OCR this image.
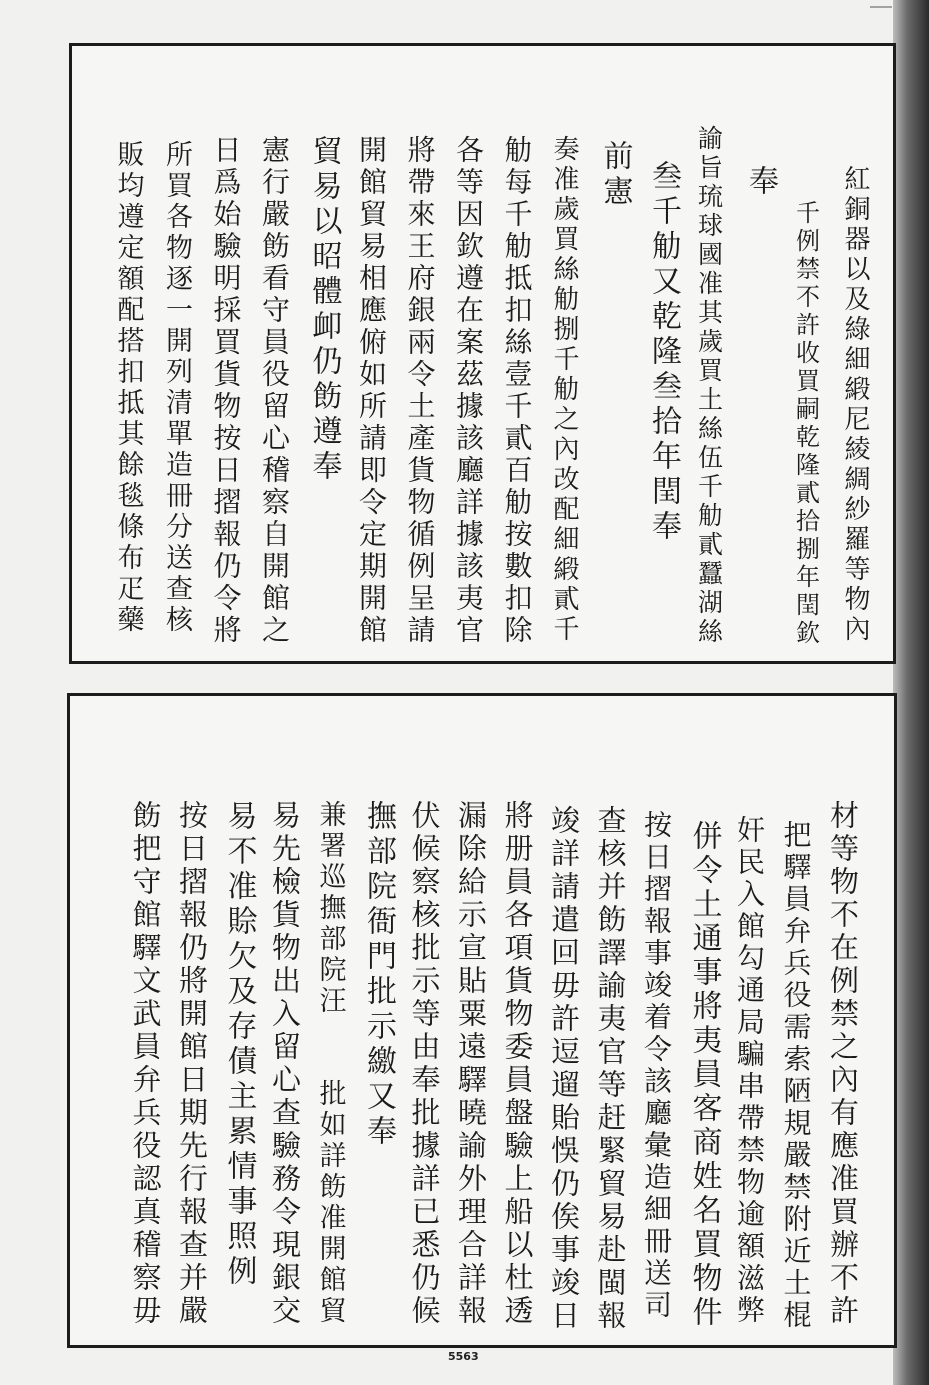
5563
紅銅器以及綠細緞尼綾綢紗羅等物內
千例禁不許收買嗣乾隆貳拾捌年閏欽
奉
諭旨琉球國准其歲買土絲伍千觔貳蠶湖絲
叁千觔又乾隆叁拾年閏奉
前憲
奏准歲買絲觔捌千觔之內改配細緞貳千
觔每千觔抵扣絲壹千貳百觔按數扣除
各等因欽遵在案茲據該廳詳據該夷官
將帶來王府銀兩令土產貨物循例呈請
開館貿易相應俯如所請即令定期開館
貿易以昭體卹仍飭遵奉
憲行嚴飭看守員役留心稽察自開館之
日爲始驗明採買貨物按日摺報仍令將
所買各物逐一開列清單造冊分送查核
販均遵定額配搭扣抵其餘毯條布疋藥
材等物不在例禁之內有應准買辦不許
把驛員弁兵役需索陋規嚴禁附近土棍
奸民入館勾通局騙串帶禁物逾額滋弊
併令土通事將夷員客商姓名買物件
按日摺報事竣着令該廳彙造細冊送司
查核并飭譯諭夷官等赶緊貿易赴閩報
竣詳請遣回毋許逗遛貽悞仍俟事竣日
將册員各項貨物委員盤驗上船以杜透
漏除給示宣貼粟遠驛曉諭外理合詳報
伏候察核批示等由奉批據詳已悉仍候
撫部院衙門批示繳又奉
兼署巡撫部院汪　　批如詳飭准開館貿
易先檢貨物出入留心查驗務令現銀交
易不准賒欠及存債主累情事照例
按日摺報仍將開館日期先行報查并嚴
飭把守館驛文武員弁兵役認真稽察毋
